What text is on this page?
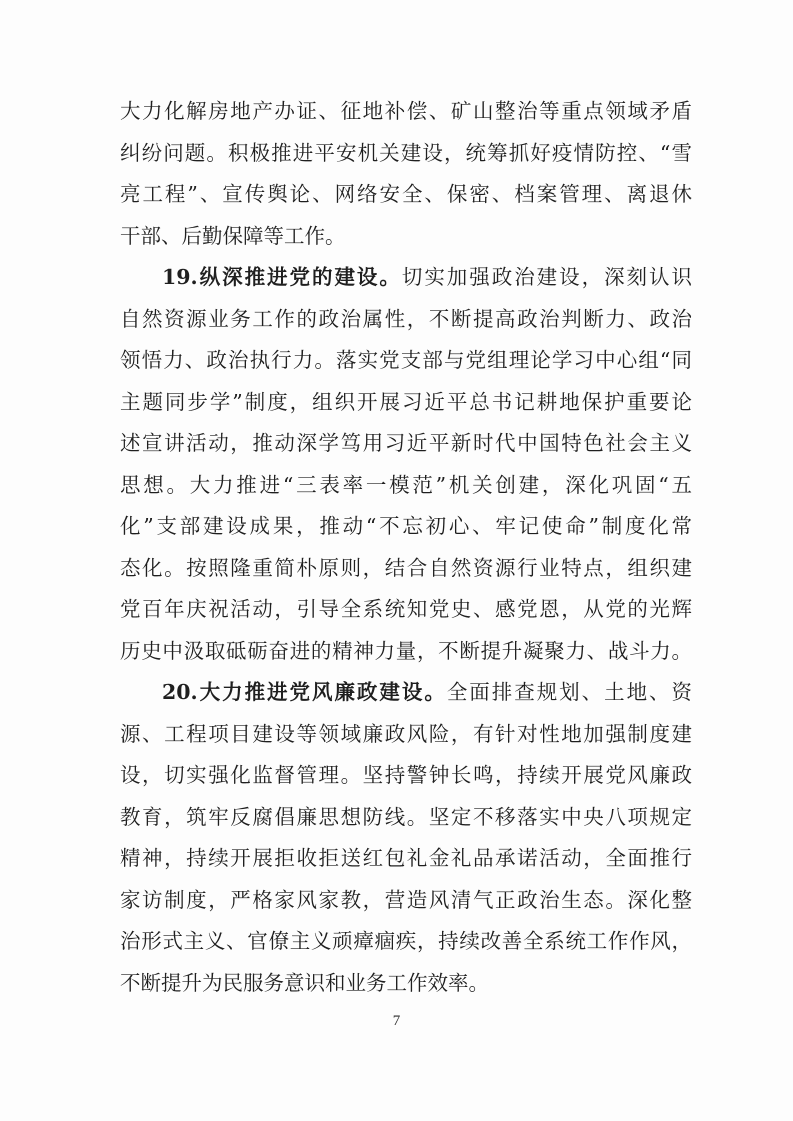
大力化解房地产办证、征地补偿、矿山整治等重点领域矛盾
纠纷问题。积极推进平安机关建设，统筹抓好疫情防控、“雪
亮工程”、宣传舆论、网络安全、保密、档案管理、离退休
干部、后勤保障等工作。
19.纵深推进党的建设。切实加强政治建设，深刻认识
自然资源业务工作的政治属性，不断提高政治判断力、政治
领悟力、政治执行力。落实党支部与党组理论学习中心组“同
主题同步学”制度，组织开展习近平总书记耕地保护重要论
述宣讲活动，推动深学笃用习近平新时代中国特色社会主义
思想。大力推进“三表率一模范”机关创建，深化巩固“五
化”支部建设成果，推动“不忘初心、牢记使命”制度化常
态化。按照隆重简朴原则，结合自然资源行业特点，组织建
党百年庆祝活动，引导全系统知党史、感党恩，从党的光辉
历史中汲取砥砺奋进的精神力量，不断提升凝聚力、战斗力。
20.大力推进党风廉政建设。全面排查规划、土地、资
源、工程项目建设等领域廉政风险，有针对性地加强制度建
设，切实强化监督管理。坚持警钟长鸣，持续开展党风廉政
教育，筑牢反腐倡廉思想防线。坚定不移落实中央八项规定
精神，持续开展拒收拒送红包礼金礼品承诺活动，全面推行
家访制度，严格家风家教，营造风清气正政治生态。深化整
治形式主义、官僚主义顽瘴痼疾，持续改善全系统工作作风，
不断提升为民服务意识和业务工作效率。
7
